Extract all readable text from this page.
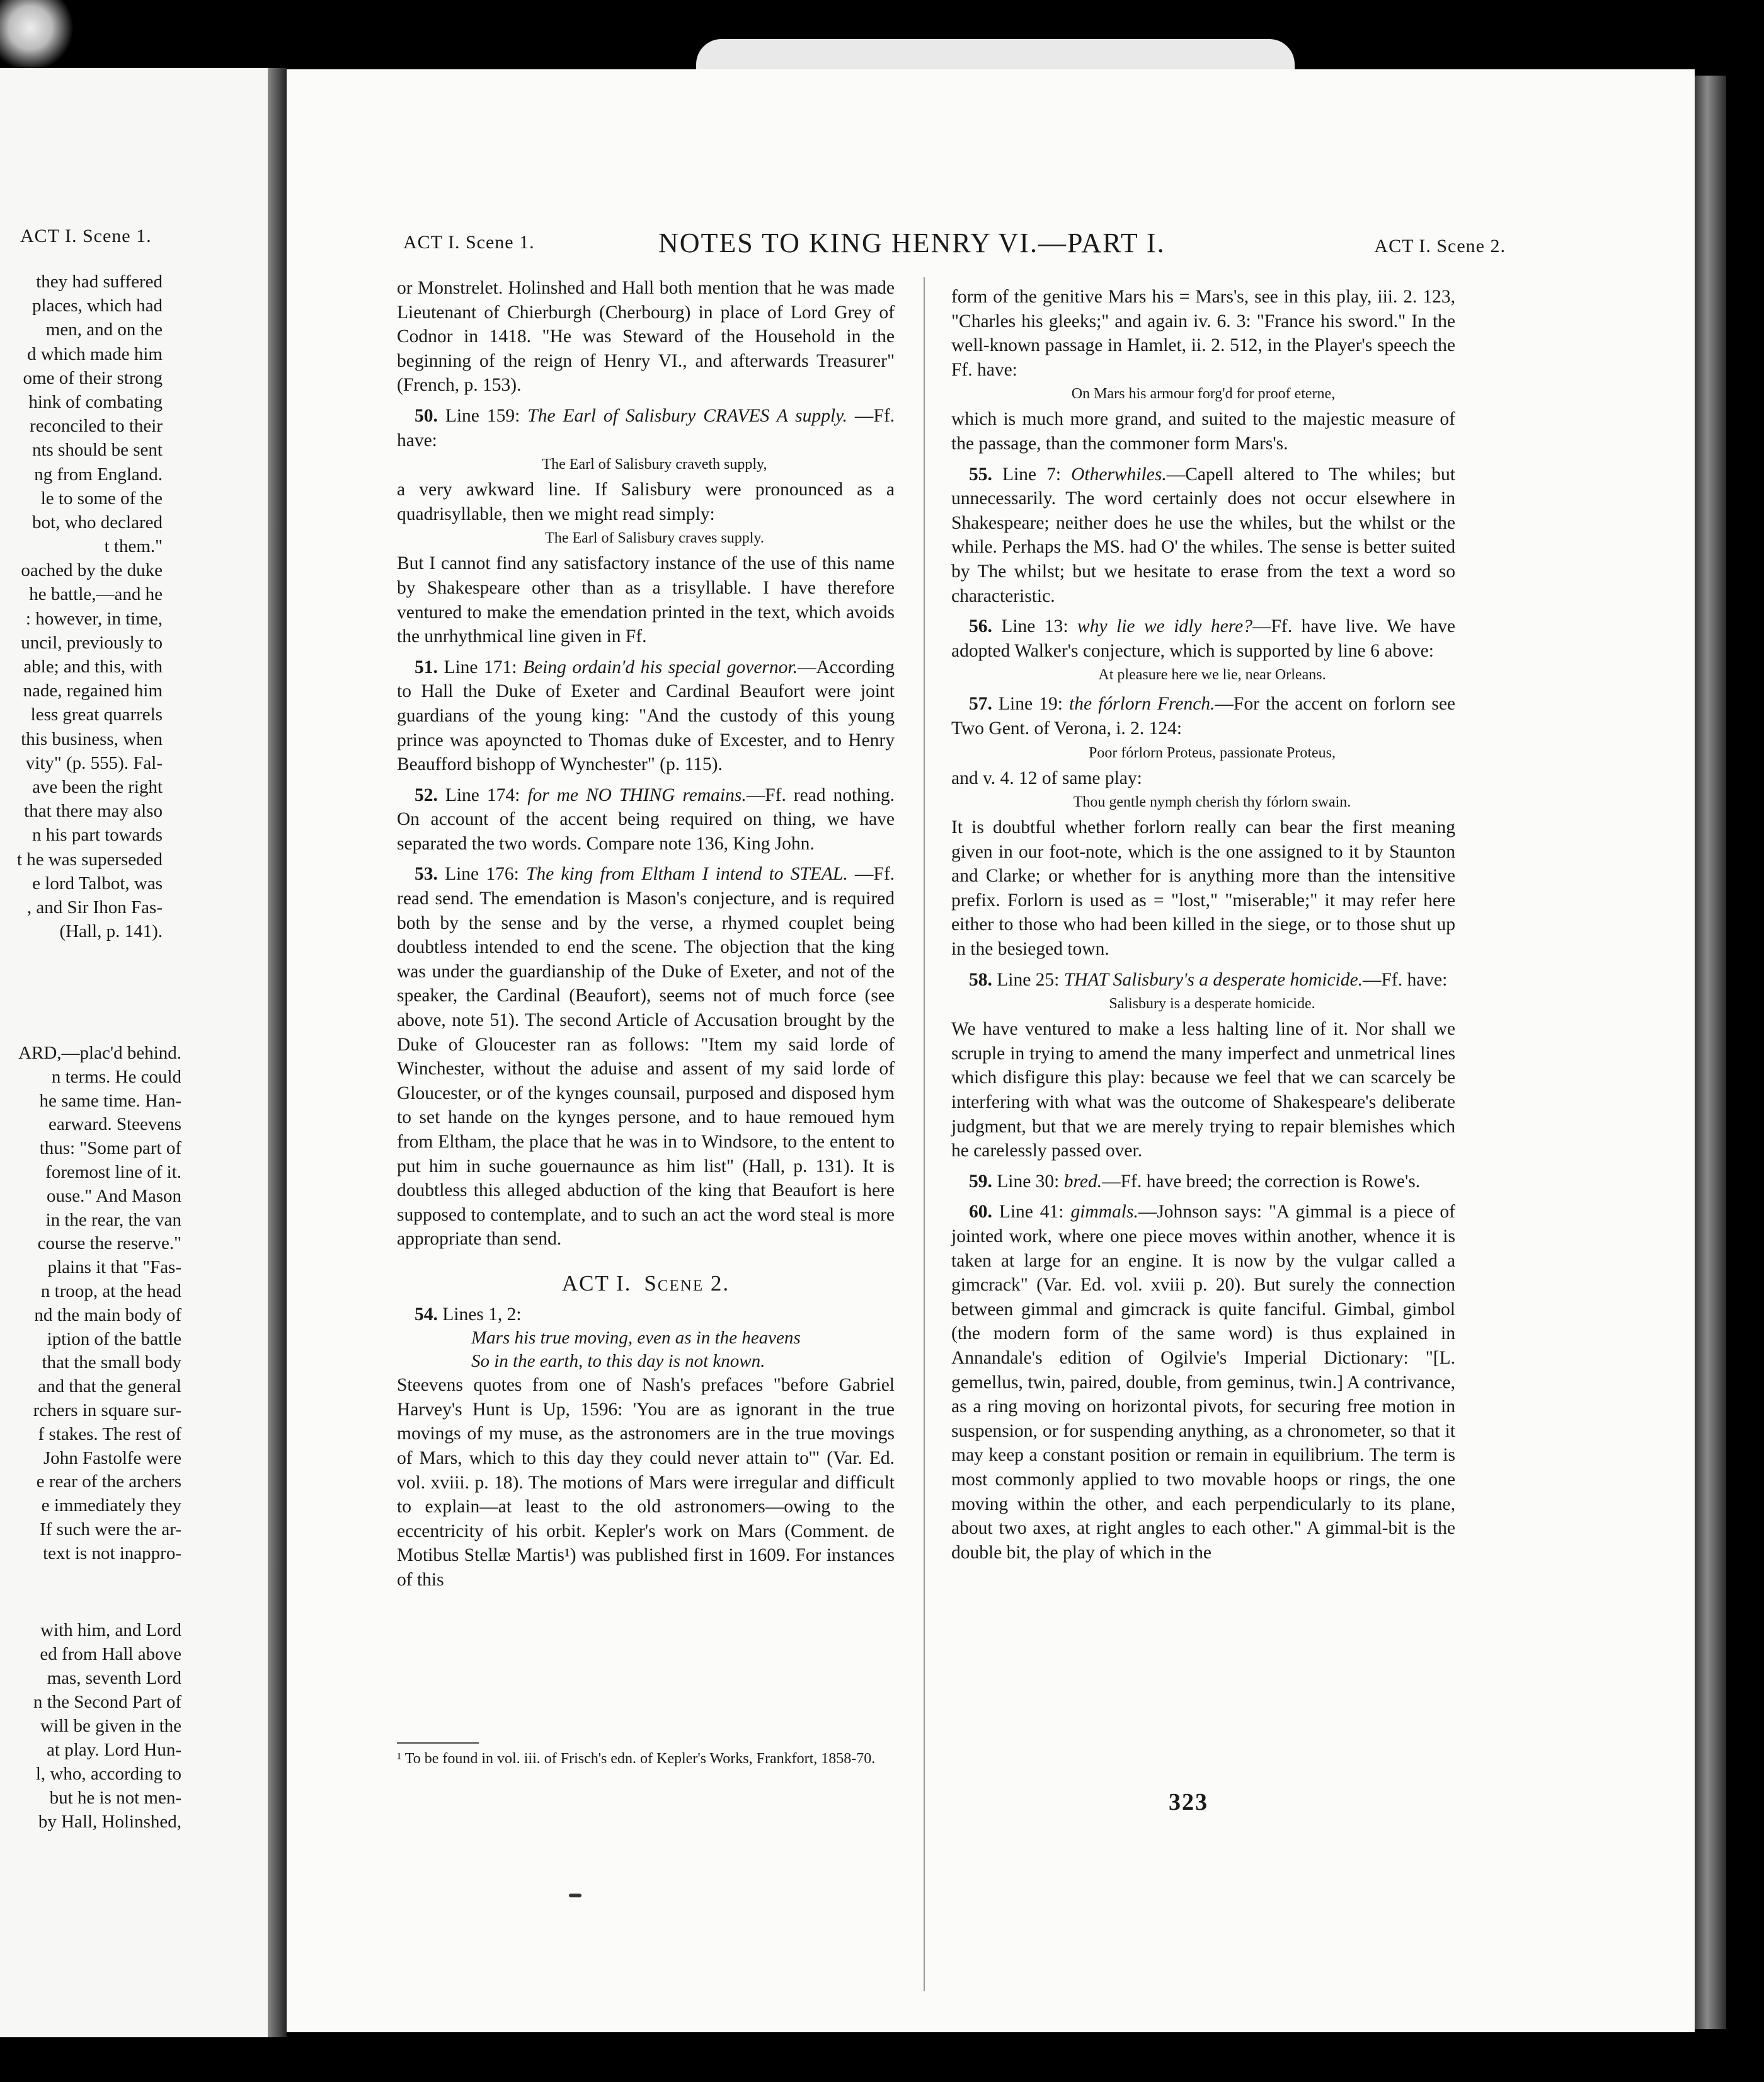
ACT I. Scene 1.
they had suffered
places, which had
men, and on the
d which made him
ome of their strong
hink of combating
reconciled to their
nts should be sent
ng from England.
le to some of the
bot, who declared
t them."
oached by the duke
he battle,—and he
: however, in time,
uncil, previously to
able; and this, with
nade, regained him
less great quarrels
this business, when
vity" (p. 555). Fal-
ave been the right
that there may also
n his part towards
t he was superseded
e lord Talbot, was
, and Sir Ihon Fas-
(Hall, p. 141).
ARD,—plac'd behind.
n terms. He could
he same time. Han-
earward. Steevens
thus: "Some part of
foremost line of it.
ouse." And Mason
in the rear, the van
course the reserve."
plains it that "Fas-
n troop, at the head
nd the main body of
iption of the battle
that the small body
and that the general
rchers in square sur-
f stakes. The rest of
John Fastolfe were
e rear of the archers
e immediately they
If such were the ar-
text is not inappro-
with him, and Lord
ed from Hall above
mas, seventh Lord
n the Second Part of
will be given in the
at play. Lord Hun-
l, who, according to
but he is not men-
by Hall, Holinshed,
ACT I. Scene 1.	NOTES TO KING HENRY VI.—PART I.	ACT I. Scene 2.

or Monstrelet. Holinshed and Hall both mention that he was made Lieutenant of Chierburgh (Cherbourg) in place of Lord Grey of Codnor in 1418. "He was Steward of the Household in the beginning of the reign of Henry VI., and afterwards Treasurer" (French, p. 153).

50. Line 159: The Earl of Salisbury CRAVES A supply. —Ff. have:
The Earl of Salisbury craveth supply,
a very awkward line. If Salisbury were pronounced as a quadrisyllable, then we might read simply:
The Earl of Salisbury craves supply.
But I cannot find any satisfactory instance of the use of this name by Shakespeare other than as a trisyllable. I have therefore ventured to make the emendation printed in the text, which avoids the unrhythmical line given in Ff.

51. Line 171: Being ordain'd his special governor.—According to Hall the Duke of Exeter and Cardinal Beaufort were joint guardians of the young king: "And the custody of this young prince was apoyncted to Thomas duke of Excester, and to Henry Beaufford bishopp of Wynchester" (p. 115).

52. Line 174: for me NO THING remains.—Ff. read nothing. On account of the accent being required on thing, we have separated the two words. Compare note 136, King John.

53. Line 176: The king from Eltham I intend to STEAL. —Ff. read send. The emendation is Mason's conjecture, and is required both by the sense and by the verse, a rhymed couplet being doubtless intended to end the scene. The objection that the king was under the guardianship of the Duke of Exeter, and not of the speaker, the Cardinal (Beaufort), seems not of much force (see above, note 51). The second Article of Accusation brought by the Duke of Gloucester ran as follows: "Item my said lorde of Winchester, without the aduise and assent of my said lorde of Gloucester, or of the kynges counsail, purposed and disposed hym to set hande on the kynges persone, and to haue remoued hym from Eltham, the place that he was in to Windsore, to the entent to put him in suche gouernaunce as him list" (Hall, p. 131). It is doubtless this alleged abduction of the king that Beaufort is here supposed to contemplate, and to such an act the word steal is more appropriate than send.

ACT I. Scene 2.

54. Lines 1, 2:
Mars his true moving, even as in the heavens
So in the earth, to this day is not known.
Steevens quotes from one of Nash's prefaces "before Gabriel Harvey's Hunt is Up, 1596: 'You are as ignorant in the true movings of my muse, as the astronomers are in the true movings of Mars, which to this day they could never attain to'" (Var. Ed. vol. xviii. p. 18). The motions of Mars were irregular and difficult to explain—at least to the old astronomers—owing to the eccentricity of his orbit. Kepler's work on Mars (Comment. de Motibus Stellæ Martis¹) was published first in 1609. For instances of this

¹ To be found in vol. iii. of Frisch's edn. of Kepler's Works, Frankfort, 1858-70.

form of the genitive Mars his = Mars's, see in this play, iii. 2. 123, "Charles his gleeks;" and again iv. 6. 3: "France his sword." In the well-known passage in Hamlet, ii. 2. 512, in the Player's speech the Ff. have:
On Mars his armour forg'd for proof eterne,
which is much more grand, and suited to the majestic measure of the passage, than the commoner form Mars's.

55. Line 7: Otherwhiles.—Capell altered to The whiles; but unnecessarily. The word certainly does not occur elsewhere in Shakespeare; neither does he use the whiles, but the whilst or the while. Perhaps the MS. had O' the whiles. The sense is better suited by The whilst; but we hesitate to erase from the text a word so characteristic.

56. Line 13: why lie we idly here?—Ff. have live. We have adopted Walker's conjecture, which is supported by line 6 above:
At pleasure here we lie, near Orleans.

57. Line 19: the fórlorn French.—For the accent on forlorn see Two Gent. of Verona, i. 2. 124:
Poor fórlorn Proteus, passionate Proteus,
and v. 4. 12 of same play:
Thou gentle nymph cherish thy fórlorn swain.
It is doubtful whether forlorn really can bear the first meaning given in our foot-note, which is the one assigned to it by Staunton and Clarke; or whether for is anything more than the intensitive prefix. Forlorn is used as = "lost," "miserable;" it may refer here either to those who had been killed in the siege, or to those shut up in the besieged town.

58. Line 25: THAT Salisbury's a desperate homicide.—Ff. have:
Salisbury is a desperate homicide.
We have ventured to make a less halting line of it. Nor shall we scruple in trying to amend the many imperfect and unmetrical lines which disfigure this play: because we feel that we can scarcely be interfering with what was the outcome of Shakespeare's deliberate judgment, but that we are merely trying to repair blemishes which he carelessly passed over.

59. Line 30: bred.—Ff. have breed; the correction is Rowe's.

60. Line 41: gimmals.—Johnson says: "A gimmal is a piece of jointed work, where one piece moves within another, whence it is taken at large for an engine. It is now by the vulgar called a gimcrack" (Var. Ed. vol. xviii p. 20). But surely the connection between gimmal and gimcrack is quite fanciful. Gimbal, gimbol (the modern form of the same word) is thus explained in Annandale's edition of Ogilvie's Imperial Dictionary: "[L. gemellus, twin, paired, double, from geminus, twin.] A contrivance, as a ring moving on horizontal pivots, for securing free motion in suspension, or for suspending anything, as a chronometer, so that it may keep a constant position or remain in equilibrium. The term is most commonly applied to two movable hoops or rings, the one moving within the other, and each perpendicularly to its plane, about two axes, at right angles to each other." A gimmal-bit is the double bit, the play of which in the

323
